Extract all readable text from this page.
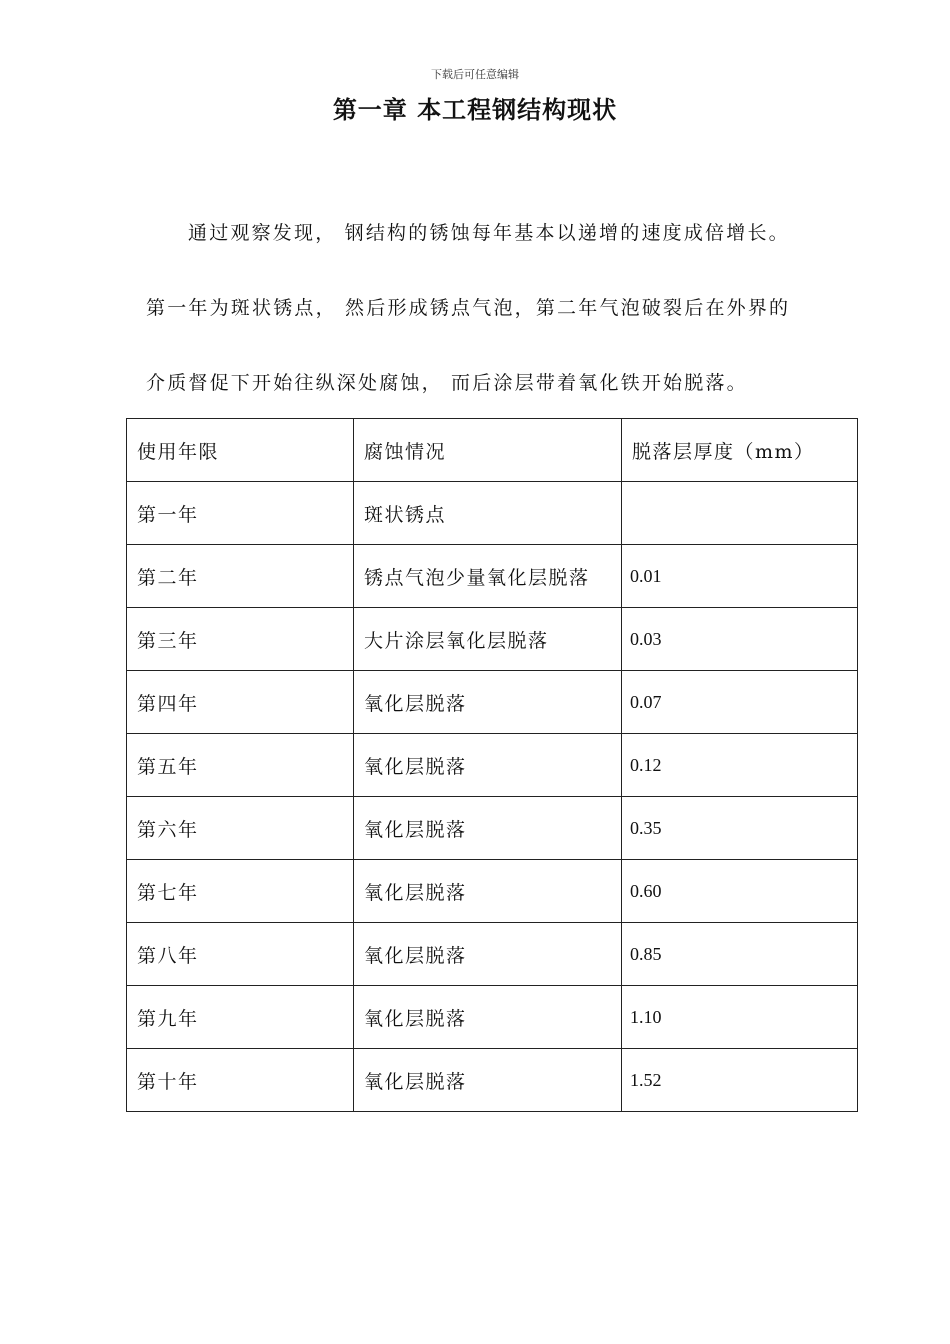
下载后可任意编辑
第一章 本工程钢结构现状
通过观察发现， 钢结构的锈蚀每年基本以递增的速度成倍增长。
第一年为斑状锈点， 然后形成锈点气泡，第二年气泡破裂后在外界的
介质督促下开始往纵深处腐蚀， 而后涂层带着氧化铁开始脱落。
使用年限	腐蚀情况	脱落层厚度（mm）
第一年	斑状锈点	
第二年	锈点气泡少量氧化层脱落	0.01
第三年	大片涂层氧化层脱落	0.03
第四年	氧化层脱落	0.07
第五年	氧化层脱落	0.12
第六年	氧化层脱落	0.35
第七年	氧化层脱落	0.60
第八年	氧化层脱落	0.85
第九年	氧化层脱落	1.10
第十年	氧化层脱落	1.52
